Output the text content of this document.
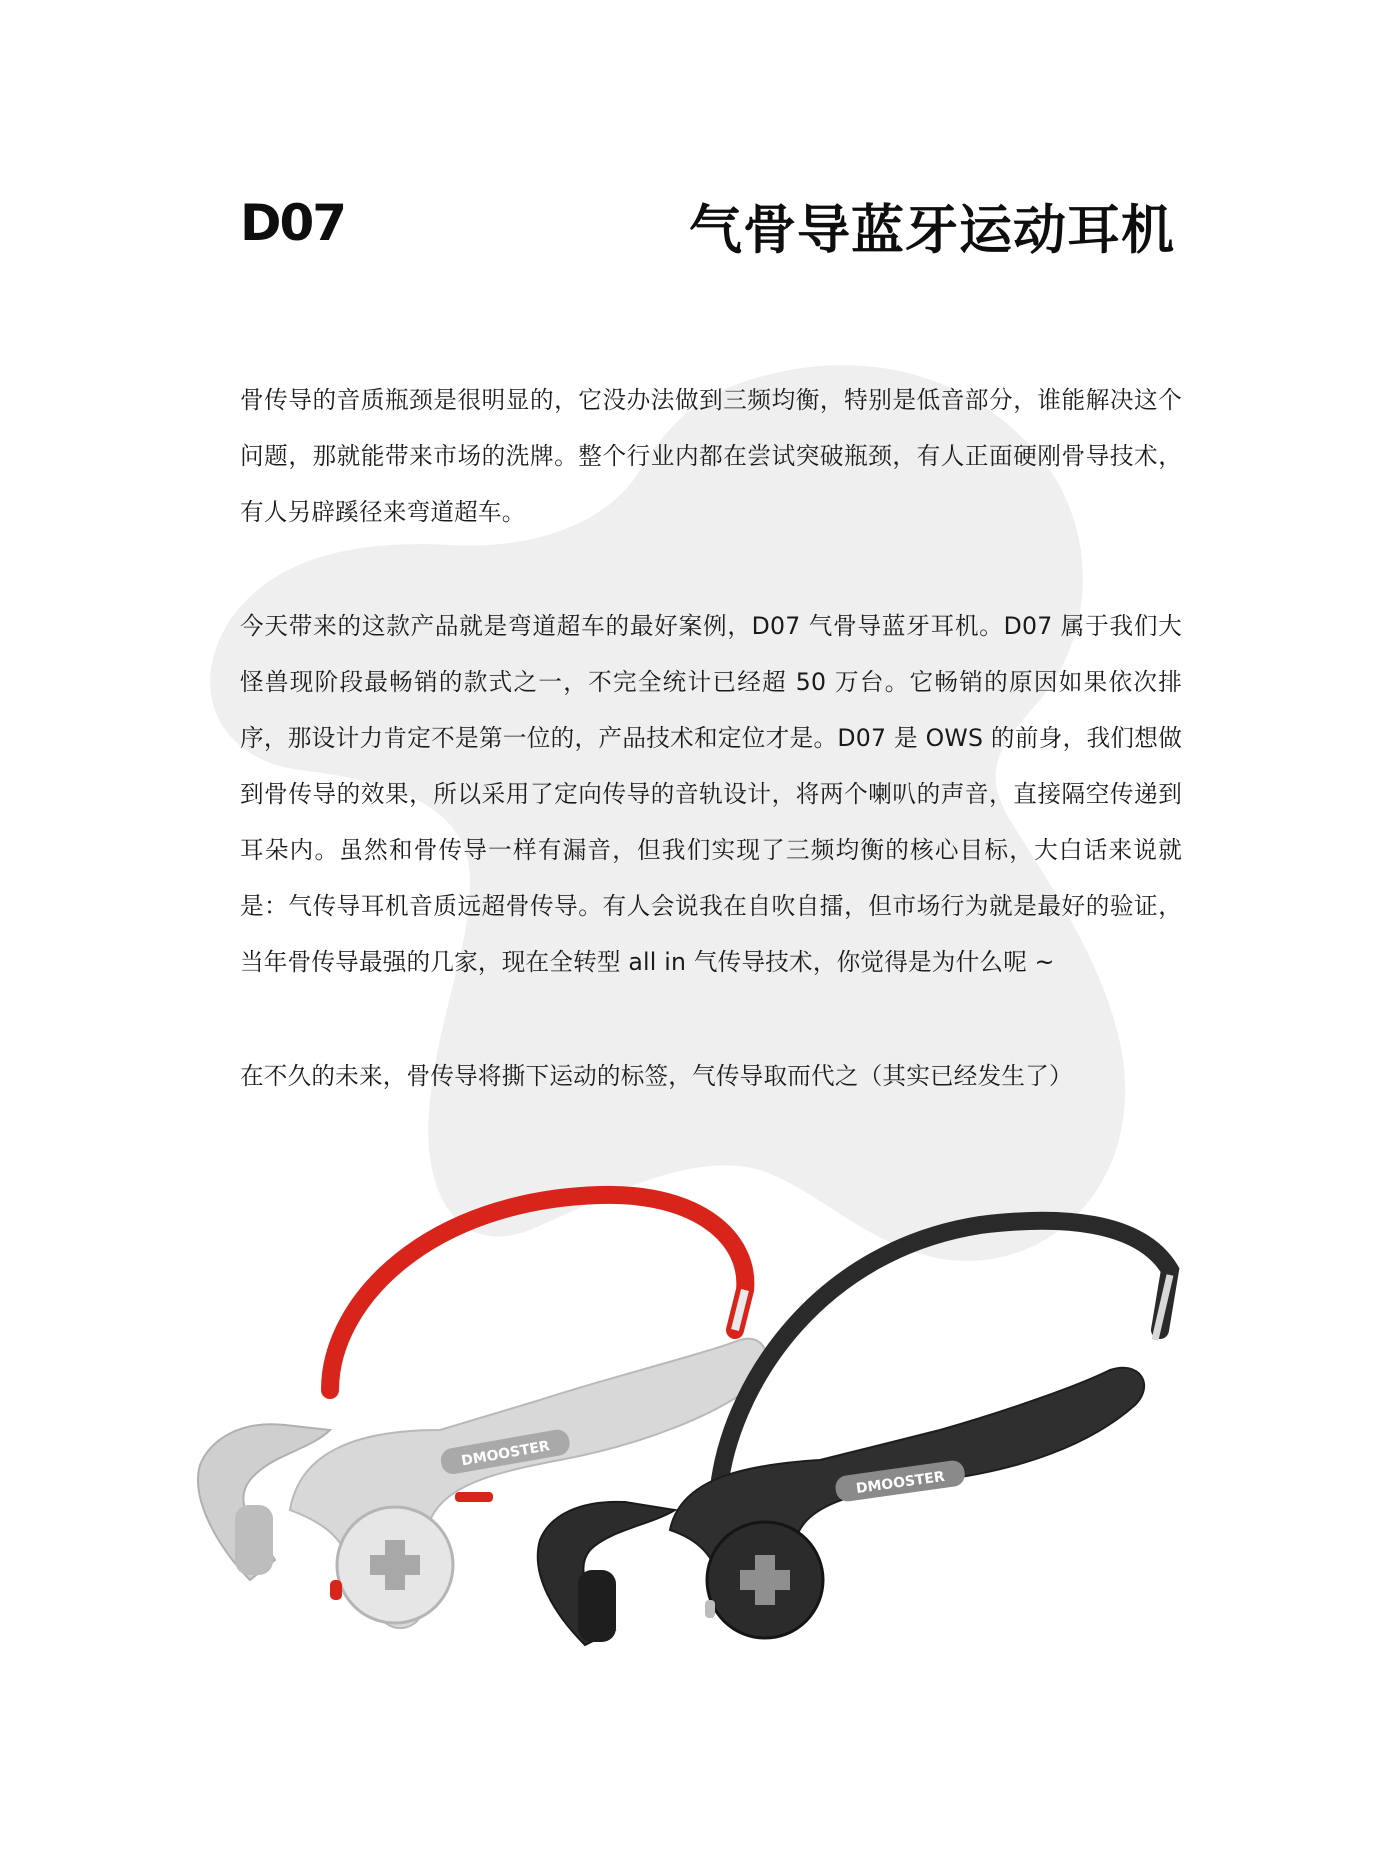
D07	气骨导蓝牙运动耳机

骨传导的音质瓶颈是很明显的，它没办法做到三频均衡，特别是低音部分，谁能解决这个问题，那就能带来市场的洗牌。整个行业内都在尝试突破瓶颈，有人正面硬刚骨导技术，有人另辟蹊径来弯道超车。

今天带来的这款产品就是弯道超车的最好案例，D07 气骨导蓝牙耳机。D07 属于我们大怪兽现阶段最畅销的款式之一，不完全统计已经超 50 万台。它畅销的原因如果依次排序，那设计力肯定不是第一位的，产品技术和定位才是。D07 是 OWS 的前身，我们想做到骨传导的效果，所以采用了定向传导的音轨设计，将两个喇叭的声音，直接隔空传递到耳朵内。虽然和骨传导一样有漏音，但我们实现了三频均衡的核心目标，大白话来说就是：气传导耳机音质远超骨传导。有人会说我在自吹自擂，但市场行为就是最好的验证，当年骨传导最强的几家，现在全转型 all in 气传导技术，你觉得是为什么呢 ~

在不久的未来，骨传导将撕下运动的标签，气传导取而代之（其实已经发生了）

DMOOSTER
DMOOSTER
